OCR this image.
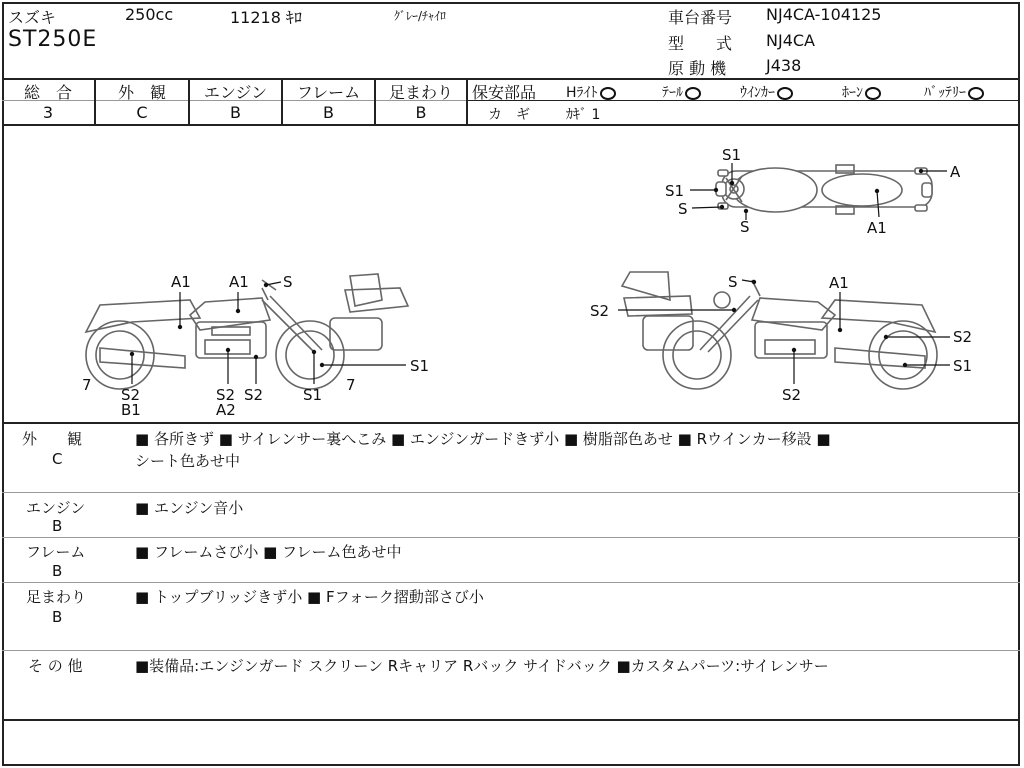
スズキ	250cc	11218 ｷﾛ	ｸﾞﾚｰ/ﾁｬｲﾛ
ST250E
車台番号 NJ4CA-104125
型　　式 NJ4CA
原 動 機 J438
総　合
3
外　観
C
エンジン
B
フレーム
B
足まわり
B
保安部品 Hﾗｲﾄ	ﾃｰﾙ	ｳｲﾝｶｰ	ﾎｰﾝ	ﾊﾞｯﾃﾘｰ
カ　ギ	ｶｷﾞ 1
S1
S1
S
S
A
A1
A1	A1 S
7
S2
B1
S2
A2
S2	S1
7
S1
S	A1
S2
S2
S1
S2
外　　観
C
■ 各所きず ■ サイレンサー裏へこみ ■ エンジンガードきず小 ■ 樹脂部色あせ ■ Rウインカー移設 ■
シート色あせ中
エンジン
B
■ エンジン音小
フレーム
B
■ フレームさび小 ■ フレーム色あせ中
足まわり
B
■ トップブリッジきず小 ■ Fフォーク摺動部さび小
そ の 他	■装備品:エンジンガード スクリーン Rキャリア Rバック サイドバック ■カスタムパーツ:サイレンサー
